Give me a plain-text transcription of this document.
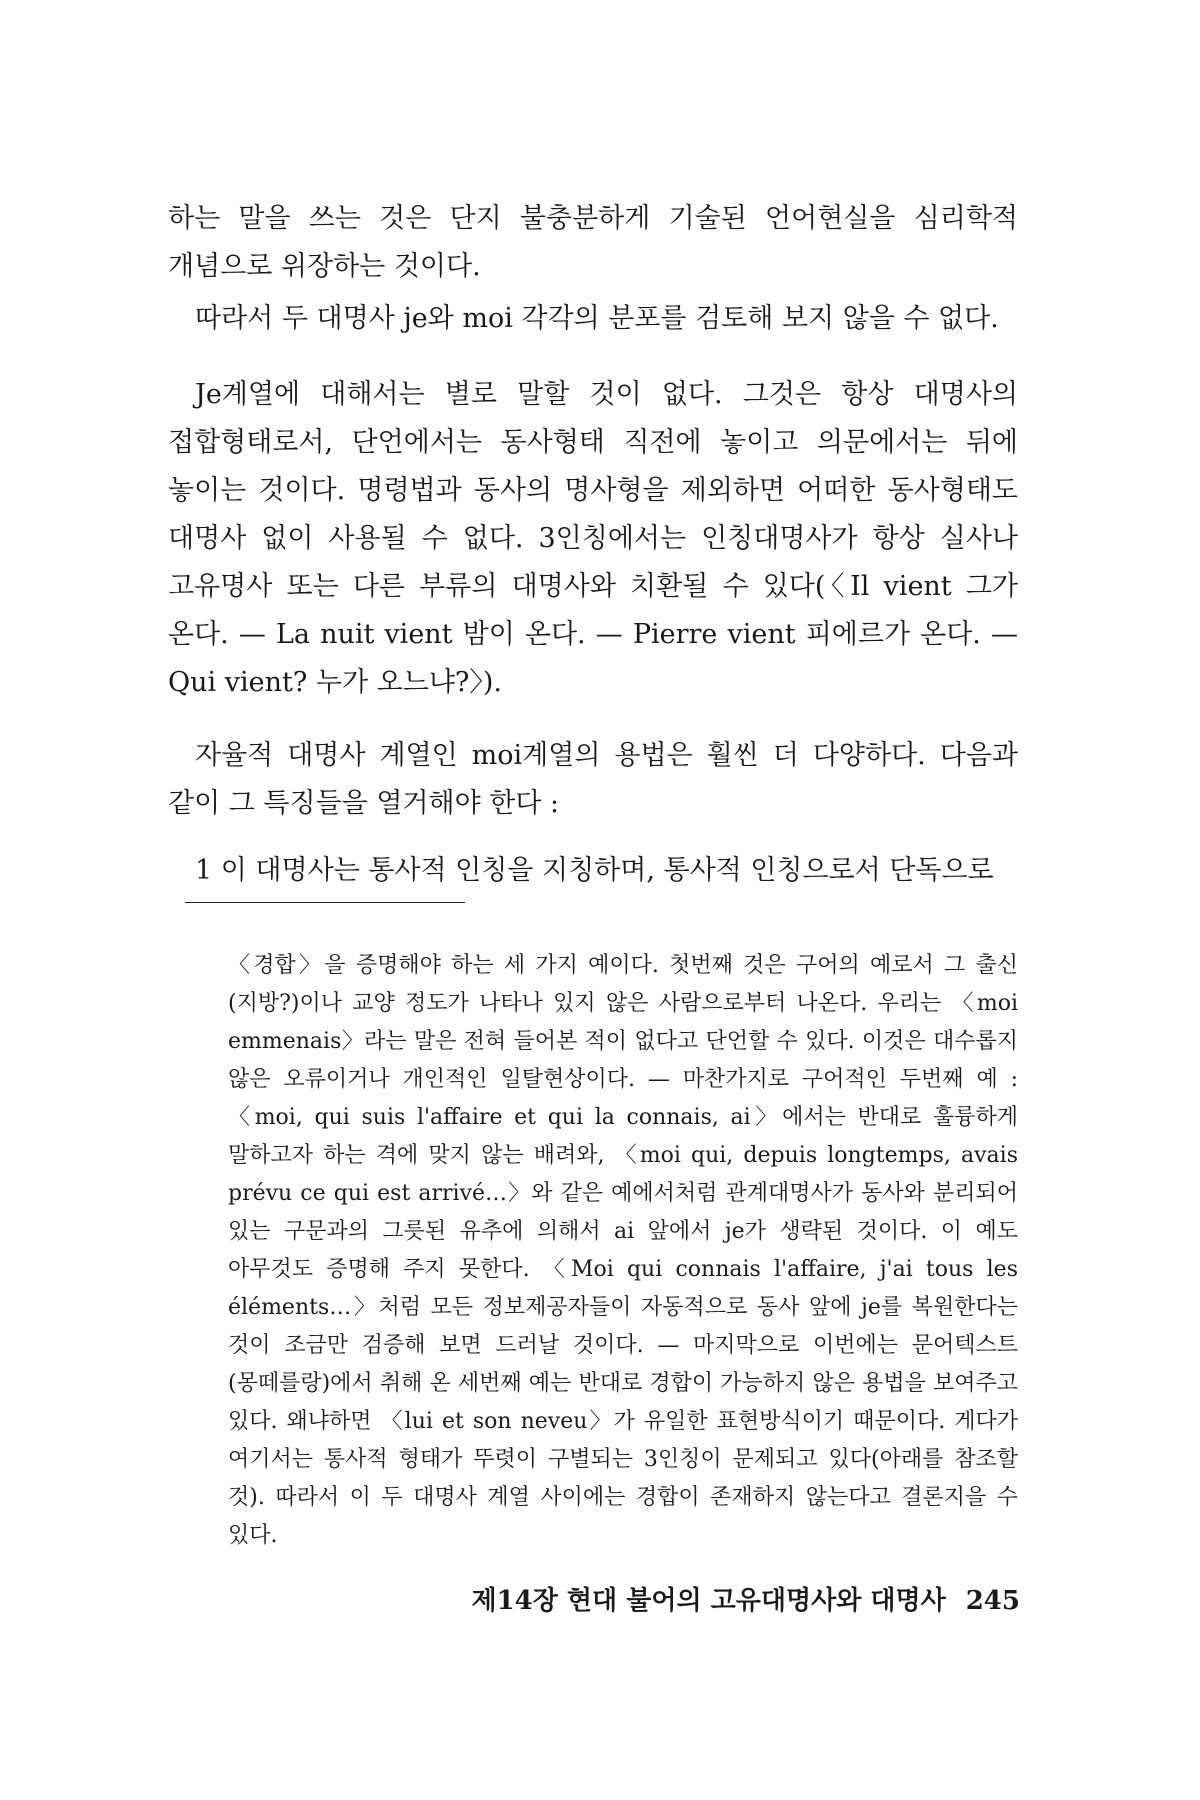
하는 말을 쓰는 것은 단지 불충분하게 기술된 언어현실을 심리학적 개념으로 위장하는 것이다.

따라서 두 대명사 je와 moi 각각의 분포를 검토해 보지 않을 수 없다.

Je계열에 대해서는 별로 말할 것이 없다. 그것은 항상 대명사의 접합형태로서, 단언에서는 동사형태 직전에 놓이고 의문에서는 뒤에 놓이는 것이다. 명령법과 동사의 명사형을 제외하면 어떠한 동사형태도 대명사 없이 사용될 수 없다. 3인칭에서는 인칭대명사가 항상 실사나 고유명사 또는 다른 부류의 대명사와 치환될 수 있다(〈Il vient 그가 온다. — La nuit vient 밤이 온다. — Pierre vient 피에르가 온다. — Qui vient? 누가 오느냐?〉).

자율적 대명사 계열인 moi계열의 용법은 훨씬 더 다양하다. 다음과 같이 그 특징들을 열거해야 한다 :

1 이 대명사는 통사적 인칭을 지칭하며, 통사적 인칭으로서 단독으로

〈경합〉을 증명해야 하는 세 가지 예이다. 첫번째 것은 구어의 예로서 그 출신(지방?)이나 교양 정도가 나타나 있지 않은 사람으로부터 나온다. 우리는 〈moi emmenais〉라는 말은 전혀 들어본 적이 없다고 단언할 수 있다. 이것은 대수롭지 않은 오류이거나 개인적인 일탈현상이다. — 마찬가지로 구어적인 두번째 예 : 〈moi, qui suis l'affaire et qui la connais, ai〉에서는 반대로 훌륭하게 말하고자 하는 격에 맞지 않는 배려와, 〈moi qui, depuis longtemps, avais prévu ce qui est arrivé…〉와 같은 예에서처럼 관계대명사가 동사와 분리되어 있는 구문과의 그릇된 유추에 의해서 ai 앞에서 je가 생략된 것이다. 이 예도 아무것도 증명해 주지 못한다. 〈Moi qui connais l'affaire, j'ai tous les éléments…〉처럼 모든 정보제공자들이 자동적으로 동사 앞에 je를 복원한다는 것이 조금만 검증해 보면 드러날 것이다. — 마지막으로 이번에는 문어텍스트(몽떼를랑)에서 취해 온 세번째 예는 반대로 경합이 가능하지 않은 용법을 보여주고 있다. 왜냐하면 〈lui et son neveu〉가 유일한 표현방식이기 때문이다. 게다가 여기서는 통사적 형태가 뚜렷이 구별되는 3인칭이 문제되고 있다(아래를 참조할 것). 따라서 이 두 대명사 계열 사이에는 경합이 존재하지 않는다고 결론지을 수 있다.

제14장 현대 불어의 고유대명사와 대명사 245
